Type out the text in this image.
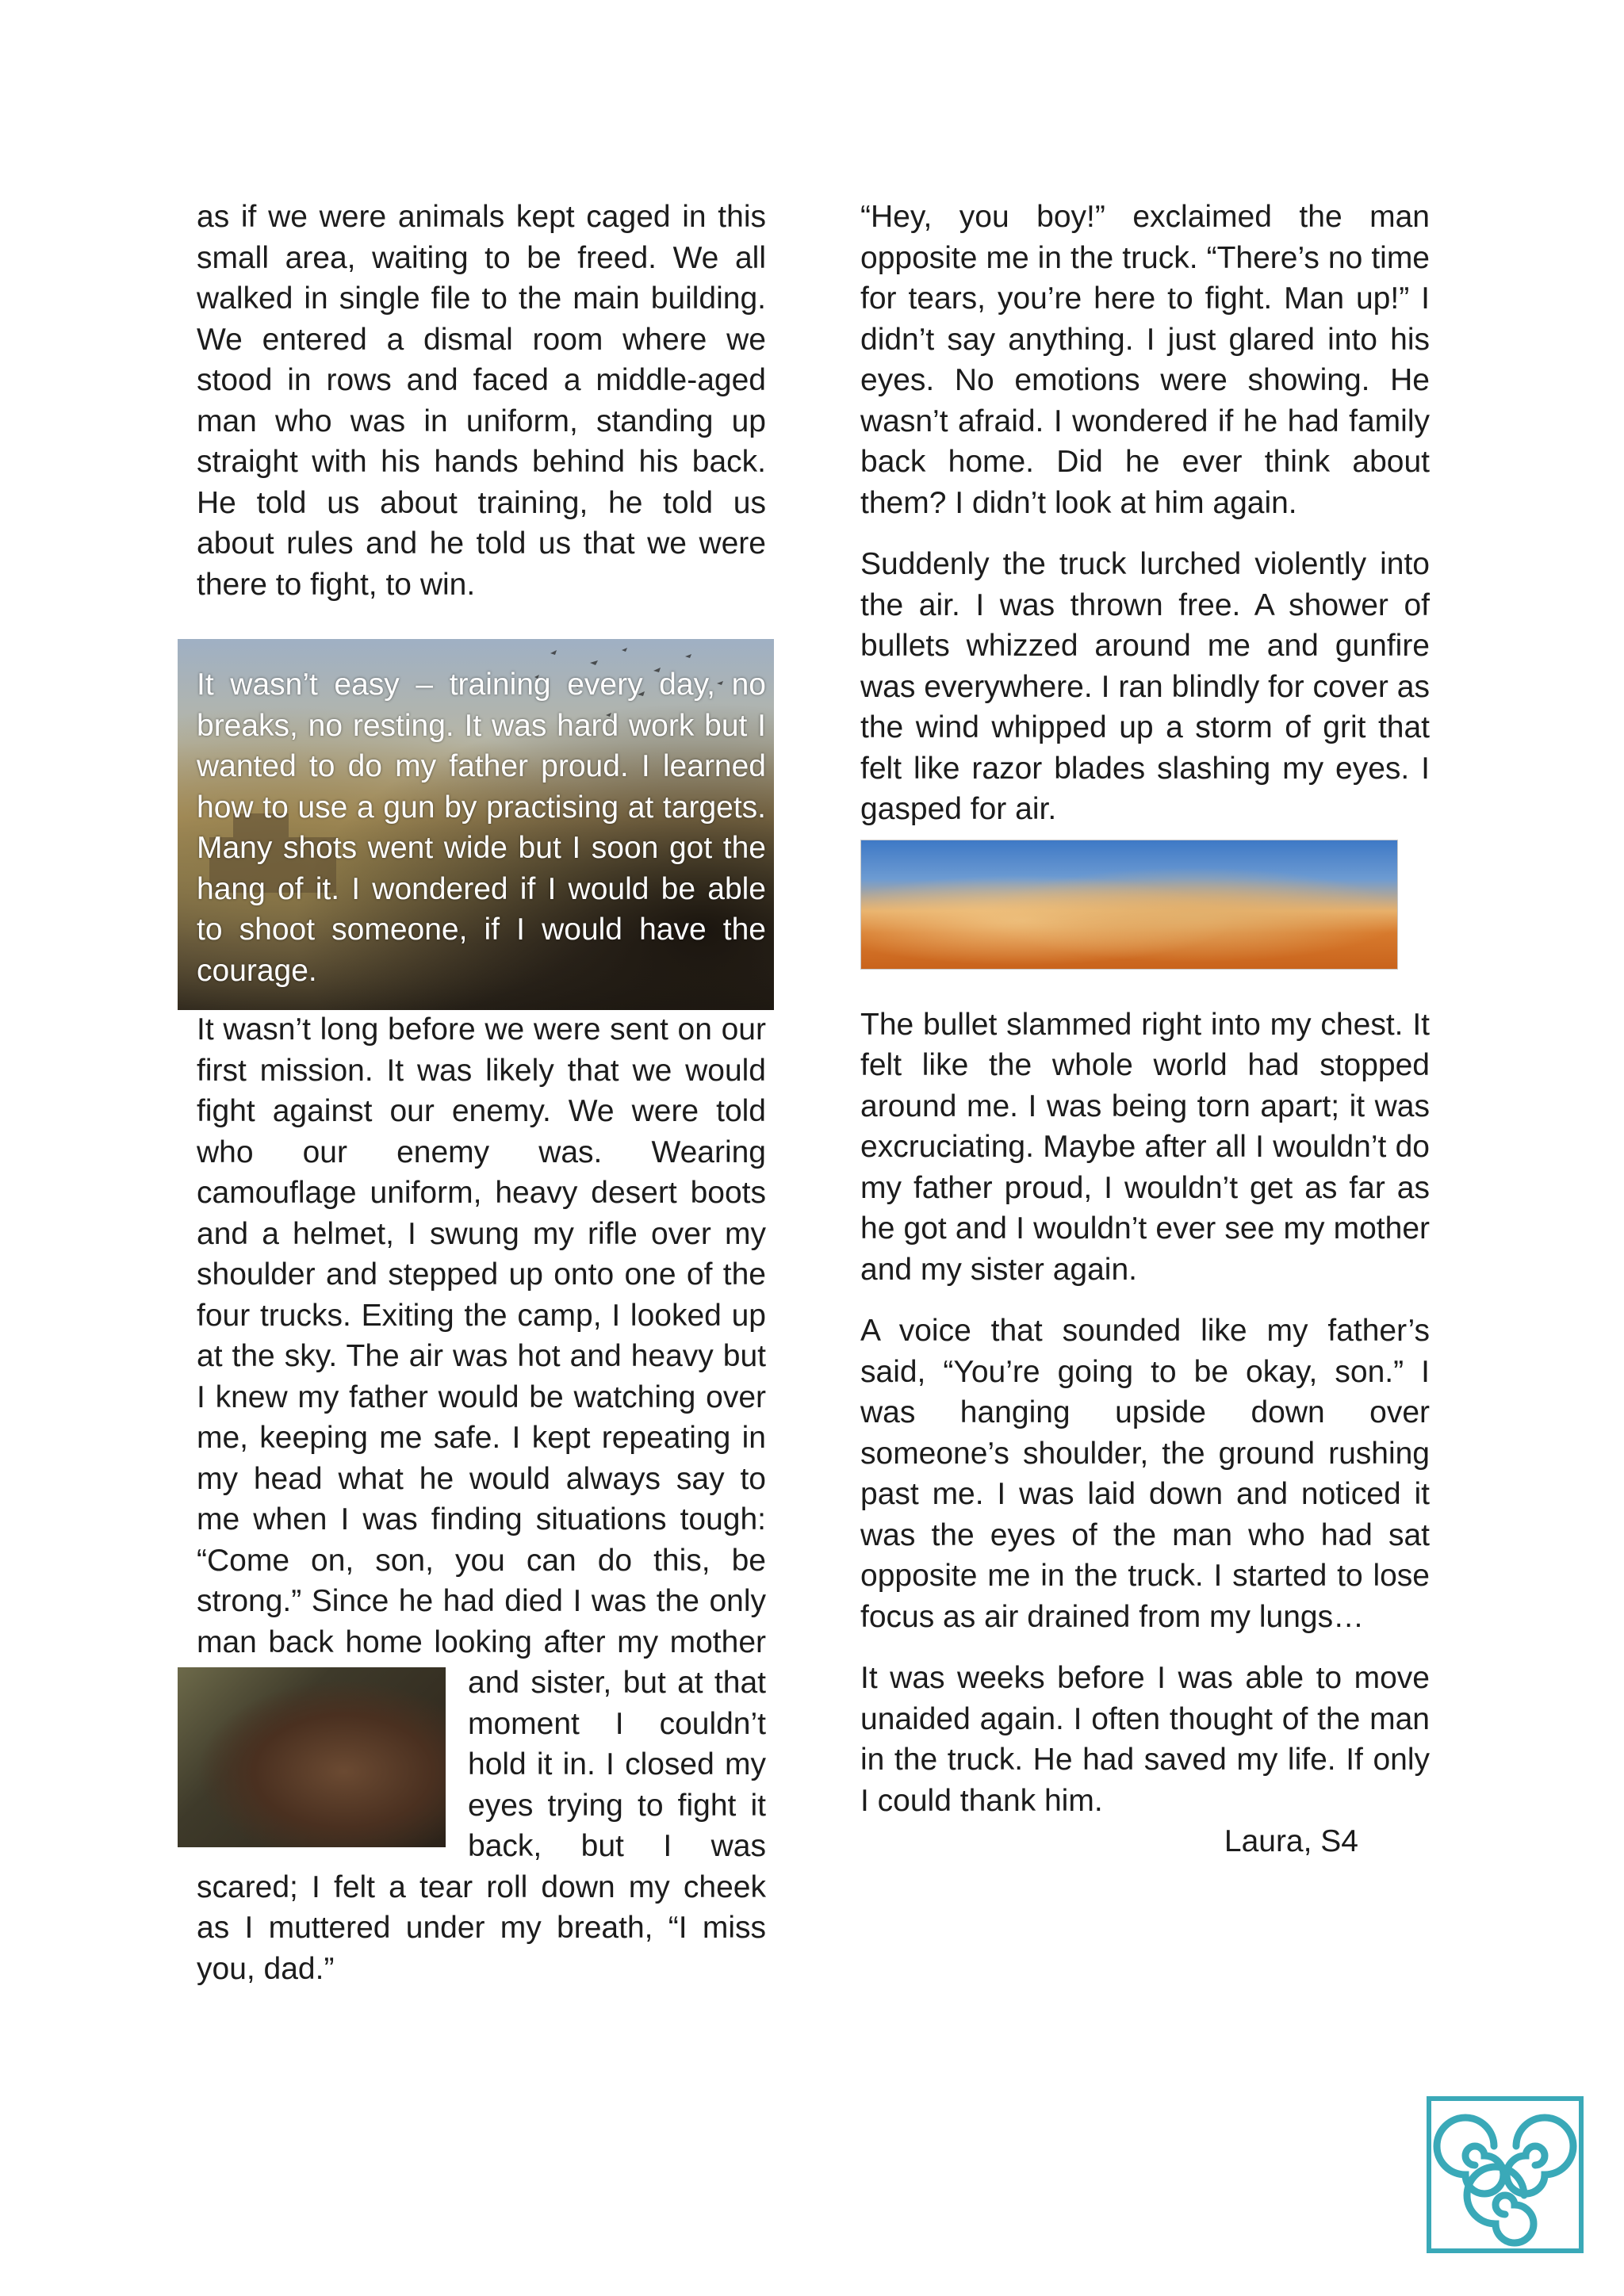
as if we were animals kept caged in this small area, waiting to be freed. We all walked in single file to the main building. We entered a dismal room where we stood in rows and faced a middle-aged man who was in uniform, standing up straight with his hands behind his back. He told us about training, he told us about rules and he told us that we were there to fight, to win.

It wasn’t easy – training every day, no breaks, no resting. It was hard work but I wanted to do my father proud. I learned how to use a gun by practising at targets. Many shots went wide but I soon got the hang of it. I wondered if I would be able to shoot someone, if I would have the courage.

It wasn’t long before we were sent on our first mission. It was likely that we would fight against our enemy. We were told who our enemy was. Wearing camouflage uniform, heavy desert boots and a helmet, I swung my rifle over my shoulder and stepped up onto one of the four trucks. Exiting the camp, I looked up at the sky. The air was hot and heavy but I knew my father would be watching over me, keeping me safe. I kept repeating in my head what he would always say to me when I was finding situations tough: “Come on, son, you can do this, be strong.” Since he had died I was the only man back home looking after my mother and sister, but at that
moment I couldn’t hold it in. I closed my eyes trying to fight it back, but I was scared; I felt a tear roll down my cheek as I muttered under my breath, “I miss you, dad.”

“Hey, you boy!” exclaimed the man opposite me in the truck. “There’s no time for tears, you’re here to fight. Man up!” I didn’t say anything. I just glared into his eyes. No emotions were showing. He wasn’t afraid. I wondered if he had family back home. Did he ever think about them? I didn’t look at him again.

Suddenly the truck lurched violently into the air. I was thrown free. A shower of bullets whizzed around me and gunfire was everywhere. I ran blindly for cover as the wind whipped up a storm of grit that felt like razor blades slashing my eyes. I gasped for air.

The bullet slammed right into my chest. It felt like the whole world had stopped around me. I was being torn apart; it was excruciating. Maybe after all I wouldn’t do my father proud, I wouldn’t get as far as he got and I wouldn’t ever see my mother and my sister again.

A voice that sounded like my father’s said, “You’re going to be okay, son.” I was hanging upside down over someone’s shoulder, the ground rushing past me. I was laid down and noticed it was the eyes of the man who had sat opposite me in the truck. I started to lose focus as air drained from my lungs…

It was weeks before I was able to move unaided again. I often thought of the man in the truck. He had saved my life. If only I could thank him.

Laura, S4
